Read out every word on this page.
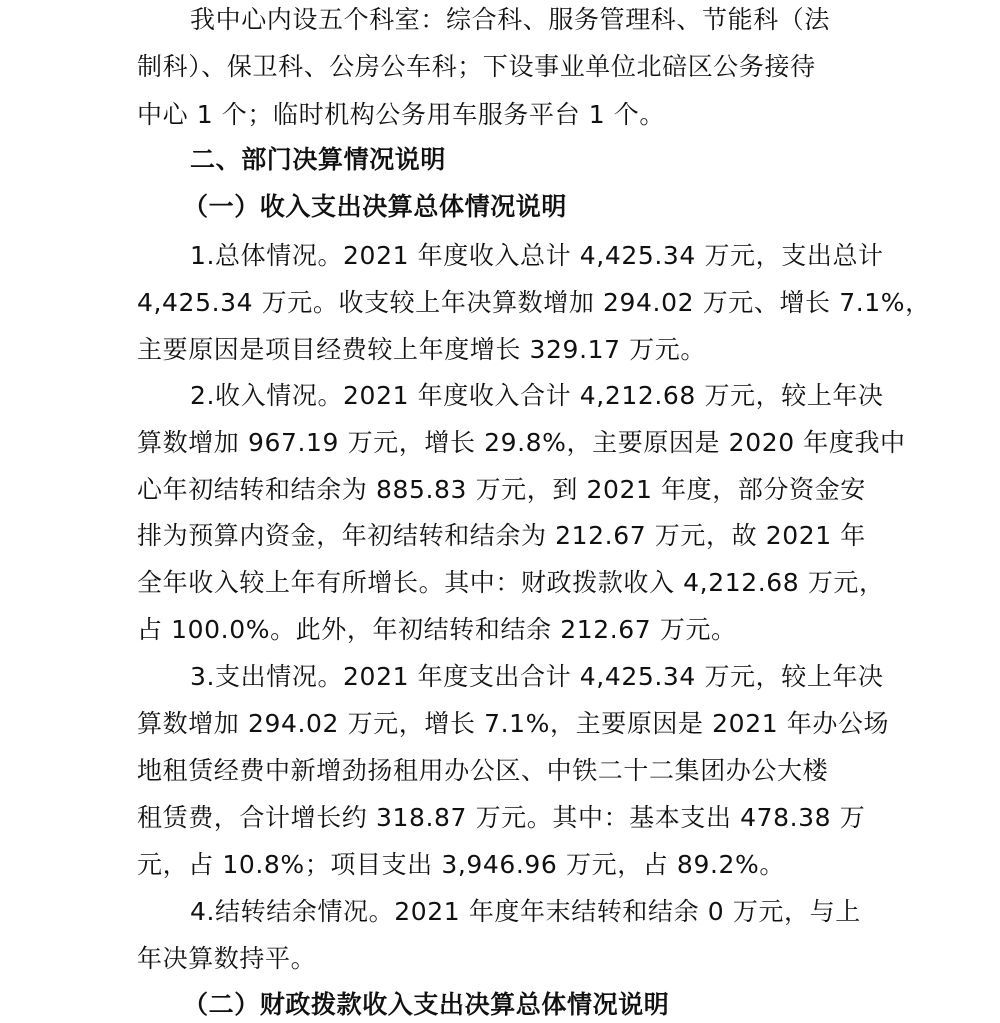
我中心内设五个科室：综合科、服务管理科、节能科（法
制科）、保卫科、公房公车科；下设事业单位北碚区公务接待
中心 1 个；临时机构公务用车服务平台 1 个。
二、部门决算情况说明
（一）收入支出决算总体情况说明
1.总体情况。2021 年度收入总计 4,425.34 万元，支出总计
4,425.34 万元。收支较上年决算数增加 294.02 万元、增长 7.1%，
主要原因是项目经费较上年度增长 329.17 万元。
2.收入情况。2021 年度收入合计 4,212.68 万元，较上年决
算数增加 967.19 万元，增长 29.8%，主要原因是 2020 年度我中
心年初结转和结余为 885.83 万元，到 2021 年度，部分资金安
排为预算内资金，年初结转和结余为 212.67 万元，故 2021 年
全年收入较上年有所增长。其中：财政拨款收入 4,212.68 万元，
占 100.0%。此外，年初结转和结余 212.67 万元。
3.支出情况。2021 年度支出合计 4,425.34 万元，较上年决
算数增加 294.02 万元，增长 7.1%，主要原因是 2021 年办公场
地租赁经费中新增劲扬租用办公区、中铁二十二集团办公大楼
租赁费，合计增长约 318.87 万元。其中：基本支出 478.38 万
元，占 10.8%；项目支出 3,946.96 万元，占 89.2%。
4.结转结余情况。2021 年度年末结转和结余 0 万元，与上
年决算数持平。
（二）财政拨款收入支出决算总体情况说明
